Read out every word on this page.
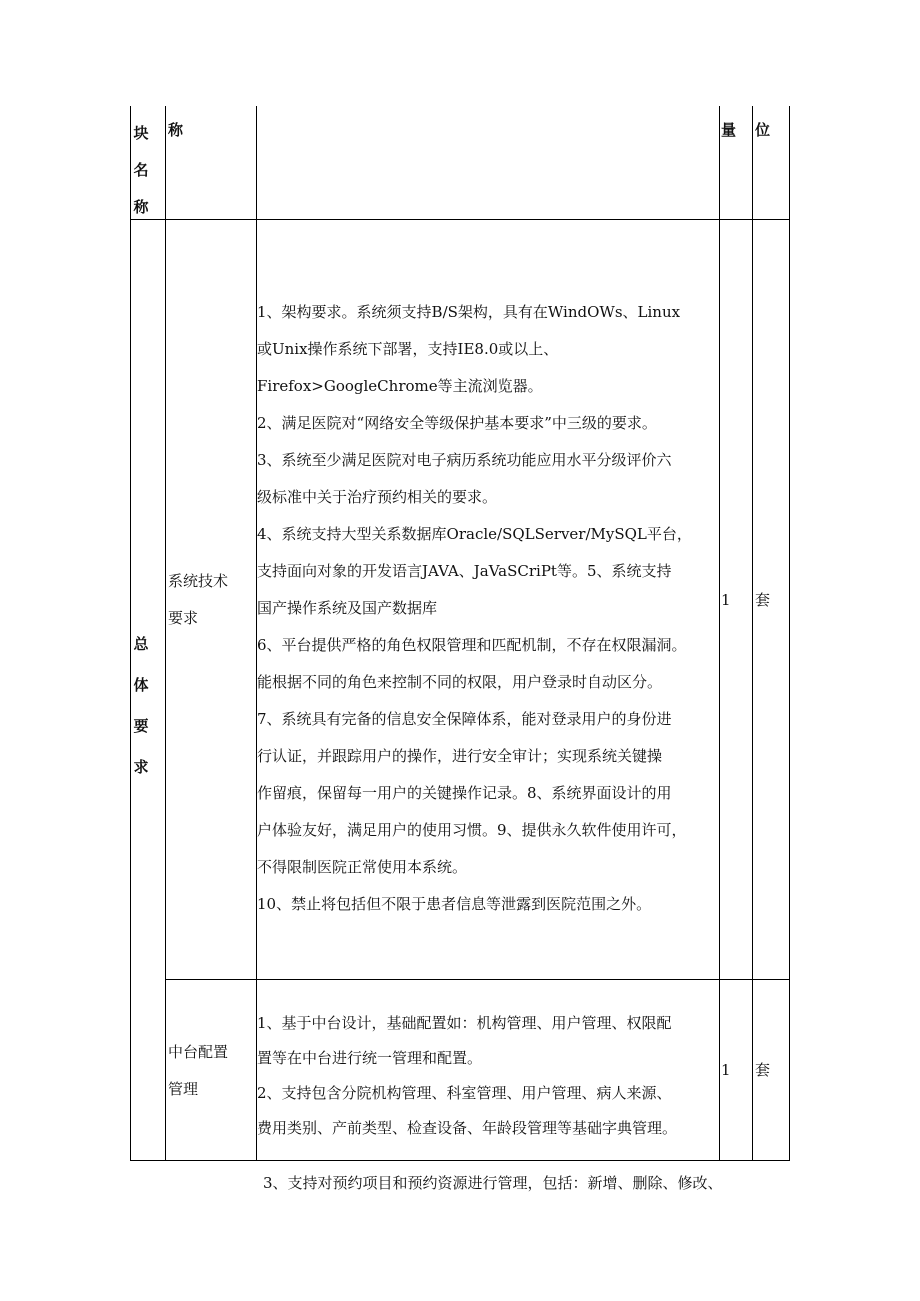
块
名
称
称	量 位
总
体
要
求
系统技术
要求

1、架构要求。系统须支持B/S架构，具有在WindOWs、Linux

或Unix操作系统下部署，支持IE8.0或以上、

Firefox>GoogleChrome等主流浏览器。

2、满足医院对“网络安全等级保护基本要求”中三级的要求。

3、系统至少满足医院对电子病历系统功能应用水平分级评价六

级标准中关于治疗预约相关的要求。

4、系统支持大型关系数据库Oracle/SQLServer/MySQL平台，

支持面向对象的开发语言JAVA、JaVaSCriPt等。5、系统支持

国产操作系统及国产数据库

6、平台提供严格的角色权限管理和匹配机制，不存在权限漏洞。

能根据不同的角色来控制不同的权限，用户登录时自动区分。

7、系统具有完备的信息安全保障体系，能对登录用户的身份进

行认证，并跟踪用户的操作，进行安全审计；实现系统关键操

作留痕，保留每一用户的关键操作记录。8、系统界面设计的用

户体验友好，满足用户的使用习惯。9、提供永久软件使用许可，

不得限制医院正常使用本系统。

10、禁止将包括但不限于患者信息等泄露到医院范围之外。

1 套
中台配置
管理

1、基于中台设计，基础配置如：机构管理、用户管理、权限配

置等在中台进行统一管理和配置。

2、支持包含分院机构管理、科室管理、用户管理、病人来源、

费用类别、产前类型、检查设备、年龄段管理等基础字典管理。

1 套
3、支持对预约项目和预约资源进行管理，包括：新增、删除、修改、
